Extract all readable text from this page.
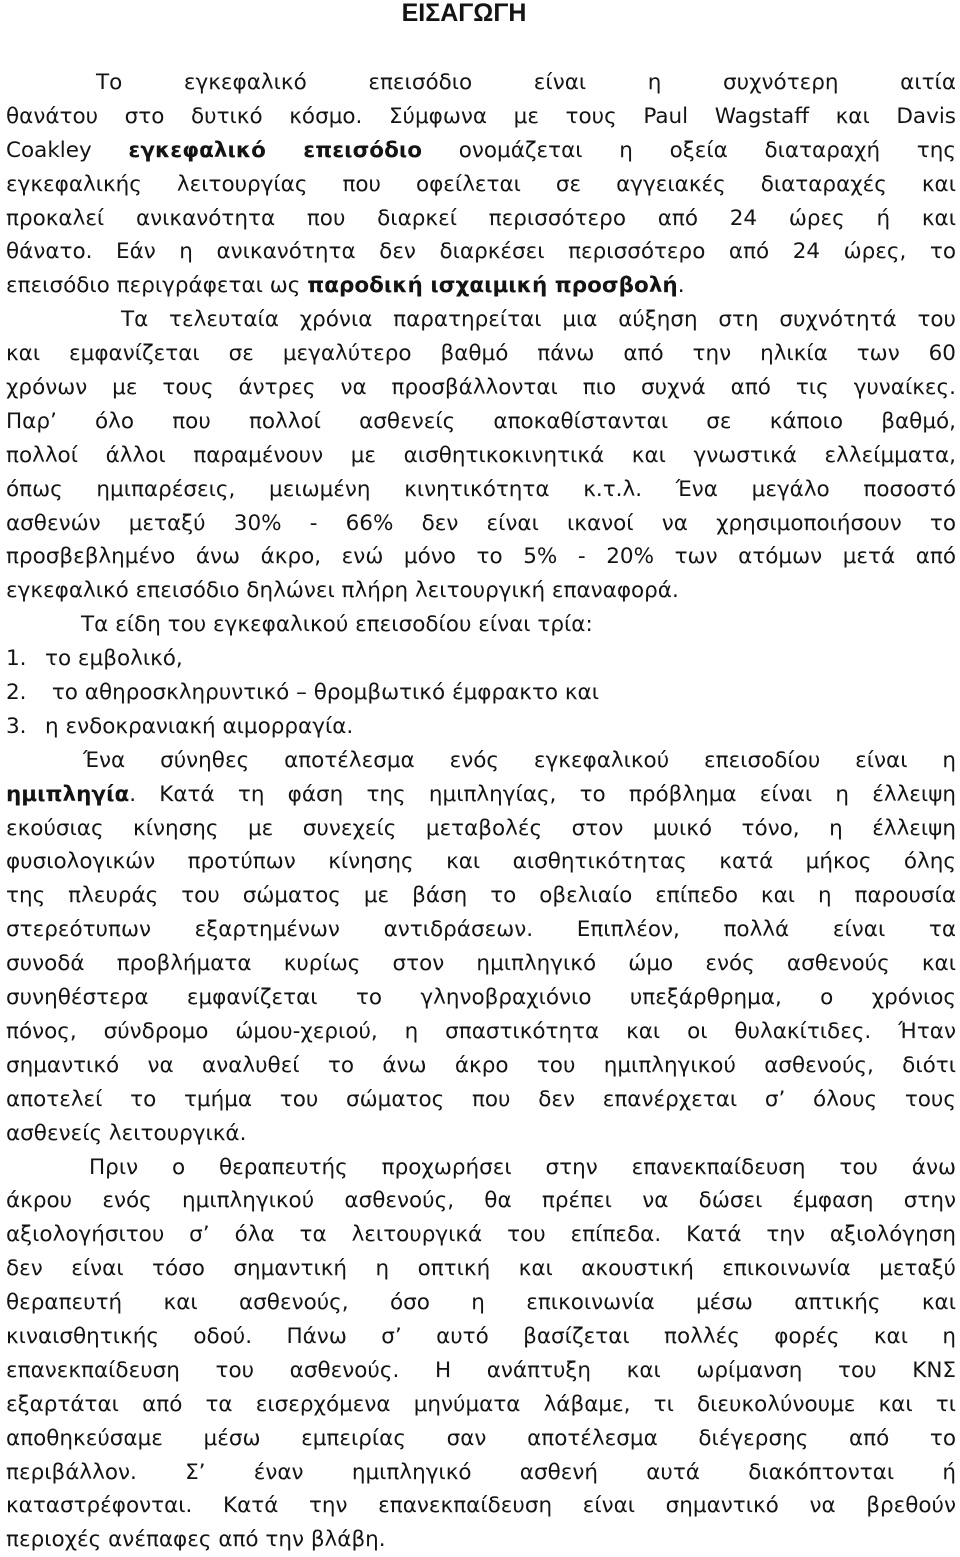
ΕΙΣΑΓΩΓΗ
Το εγκεφαλικό επεισόδιο είναι η συχνότερη αιτία
θανάτου στο δυτικό κόσμο. Σύμφωνα με τους Paul Wagstaff και Davis
Coakley εγκεφαλικό επεισόδιο ονομάζεται η οξεία διαταραχή της
εγκεφαλικής λειτουργίας που οφείλεται σε αγγειακές διαταραχές και
προκαλεί ανικανότητα που διαρκεί περισσότερο από 24 ώρες ή και
θάνατο. Εάν η ανικανότητα δεν διαρκέσει περισσότερο από 24 ώρες, το
επεισόδιο περιγράφεται ως παροδική ισχαιμική προσβολή.
Τα τελευταία χρόνια παρατηρείται μια αύξηση στη συχνότητά του
και εμφανίζεται σε μεγαλύτερο βαθμό πάνω από την ηλικία των 60
χρόνων με τους άντρες να προσβάλλονται πιο συχνά από τις γυναίκες.
Παρ’ όλο που πολλοί ασθενείς αποκαθίστανται σε κάποιο βαθμό,
πολλοί άλλοι παραμένουν με αισθητικοκινητικά και γνωστικά ελλείμματα,
όπως ημιπαρέσεις, μειωμένη κινητικότητα κ.τ.λ. Ένα μεγάλο ποσοστό
ασθενών μεταξύ 30% - 66% δεν είναι ικανοί να χρησιμοποιήσουν το
προσβεβλημένο άνω άκρο, ενώ μόνο το 5% - 20% των ατόμων μετά από
εγκεφαλικό επεισόδιο δηλώνει πλήρη λειτουργική επαναφορά.
Τα είδη του εγκεφαλικού επεισοδίου είναι τρία:
1. το εμβολικό,
2. το αθηροσκληρυντικό – θρομβωτικό έμφρακτο και
3. η ενδοκρανιακή αιμορραγία.
Ένα σύνηθες αποτέλεσμα ενός εγκεφαλικού επεισοδίου είναι η
ημιπληγία. Κατά τη φάση της ημιπληγίας, το πρόβλημα είναι η έλλειψη
εκούσιας κίνησης με συνεχείς μεταβολές στον μυικό τόνο, η έλλειψη
φυσιολογικών προτύπων κίνησης και αισθητικότητας κατά μήκος όλης
της πλευράς του σώματος με βάση το οβελιαίο επίπεδο και η παρουσία
στερεότυπων εξαρτημένων αντιδράσεων. Επιπλέον, πολλά είναι τα
συνοδά προβλήματα κυρίως στον ημιπληγικό ώμο ενός ασθενούς και
συνηθέστερα εμφανίζεται το γληνοβραχιόνιο υπεξάρθρημα, ο χρόνιος
πόνος, σύνδρομο ώμου-χεριού, η σπαστικότητα και οι θυλακίτιδες. Ήταν
σημαντικό να αναλυθεί το άνω άκρο του ημιπληγικού ασθενούς, διότι
αποτελεί το τμήμα του σώματος που δεν επανέρχεται σ’ όλους τους
ασθενείς λειτουργικά.
Πριν ο θεραπευτής προχωρήσει στην επανεκπαίδευση του άνω
άκρου ενός ημιπληγικού ασθενούς, θα πρέπει να δώσει έμφαση στην
αξιολογήσιτου σ’ όλα τα λειτουργικά του επίπεδα. Κατά την αξιολόγηση
δεν είναι τόσο σημαντική η οπτική και ακουστική επικοινωνία μεταξύ
θεραπευτή και ασθενούς, όσο η επικοινωνία μέσω απτικής και
κιναισθητικής οδού. Πάνω σ’ αυτό βασίζεται πολλές φορές και η
επανεκπαίδευση του ασθενούς. Η ανάπτυξη και ωρίμανση του ΚΝΣ
εξαρτάται από τα εισερχόμενα μηνύματα λάβαμε, τι διευκολύνουμε και τι
αποθηκεύσαμε μέσω εμπειρίας σαν αποτέλεσμα διέγερσης από το
περιβάλλον. Σ’ έναν ημιπληγικό ασθενή αυτά διακόπτονται ή
καταστρέφονται. Κατά την επανεκπαίδευση είναι σημαντικό να βρεθούν
περιοχές ανέπαφες από την βλάβη.
